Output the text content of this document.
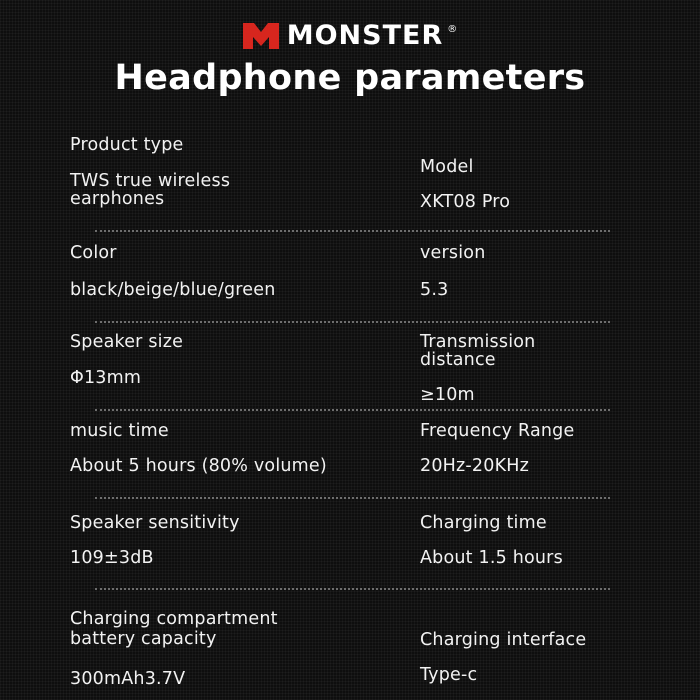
MONSTER ®
Headphone parameters
Product type
TWS true wireless
earphones
Model
XKT08 Pro
Color
black/beige/blue/green
version
5.3
Speaker size
Φ13mm
Transmission
distance
≥10m
music time
About 5 hours (80% volume)
Frequency Range
20Hz-20KHz
Speaker sensitivity
109±3dB
Charging time
About 1.5 hours
Charging compartment
battery capacity
300mAh3.7V
Charging interface
Type-c
